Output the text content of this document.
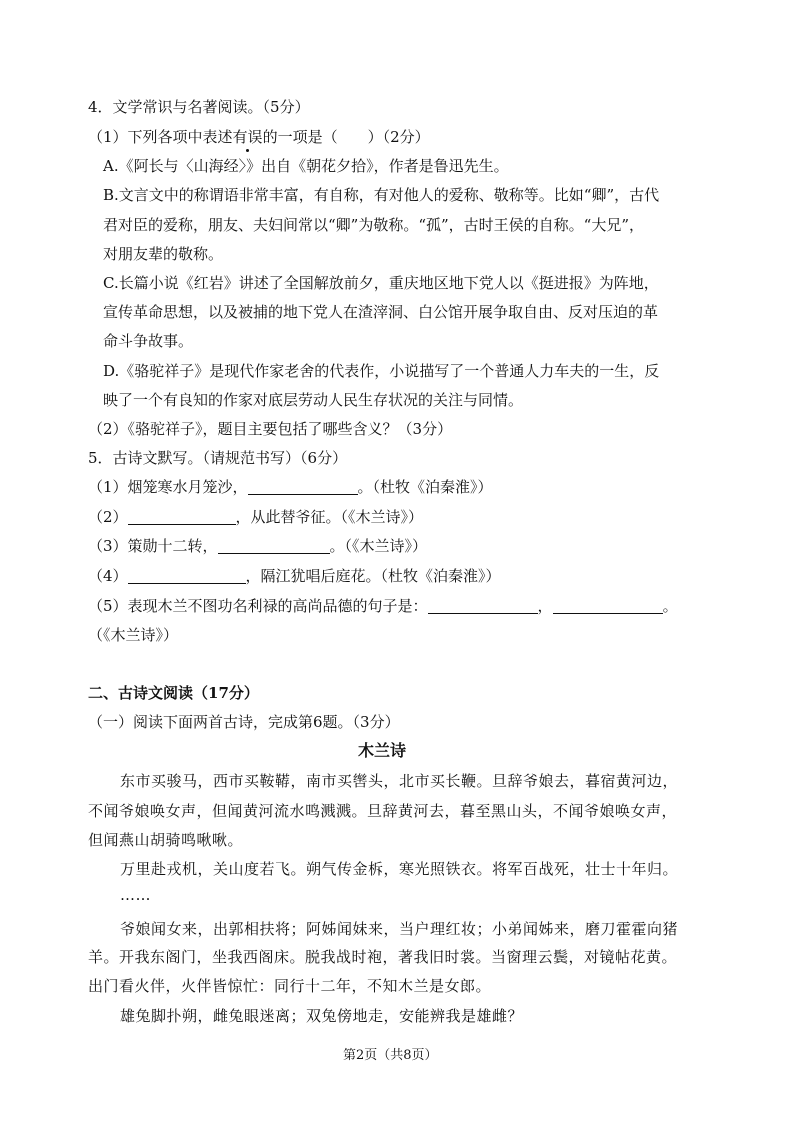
4．文学常识与名著阅读。（5分）
（1）下列各项中表述有误的一项是（　　）（2分）
A.《阿长与〈山海经〉》出自《朝花夕拾》，作者是鲁迅先生。
B.文言文中的称谓语非常丰富，有自称，有对他人的爱称、敬称等。比如“卿”，古代
君对臣的爱称，朋友、夫妇间常以“卿”为敬称。“孤”，古时王侯的自称。“大兄”，
对朋友辈的敬称。
C.长篇小说《红岩》讲述了全国解放前夕，重庆地区地下党人以《挺进报》为阵地，
宣传革命思想，以及被捕的地下党人在渣滓洞、白公馆开展争取自由、反对压迫的革
命斗争故事。
D.《骆驼祥子》是现代作家老舍的代表作，小说描写了一个普通人力车夫的一生，反
映了一个有良知的作家对底层劳动人民生存状况的关注与同情。
（2）《骆驼祥子》，题目主要包括了哪些含义？（3分）
5．古诗文默写。（请规范书写）（6分）
（1）烟笼寒水月笼沙，	。（杜牧《泊秦淮》）
（2）	，从此替爷征。（《木兰诗》）
（3）策勋十二转，	。（《木兰诗》）
（4）	，隔江犹唱后庭花。（杜牧《泊秦淮》）
（5）表现木兰不图功名利禄的高尚品德的句子是：	，	。
（《木兰诗》）
二、古诗文阅读（17分）
（一）阅读下面两首古诗，完成第6题。（3分）
木兰诗
东市买骏马，西市买鞍鞯，南市买辔头，北市买长鞭。旦辞爷娘去，暮宿黄河边，
不闻爷娘唤女声，但闻黄河流水鸣溅溅。旦辞黄河去，暮至黑山头，不闻爷娘唤女声，
但闻燕山胡骑鸣啾啾。
万里赴戎机，关山度若飞。朔气传金柝，寒光照铁衣。将军百战死，壮士十年归。
……
爷娘闻女来，出郭相扶将；阿姊闻妹来，当户理红妆；小弟闻姊来，磨刀霍霍向猪
羊。开我东阁门，坐我西阁床。脱我战时袍，著我旧时裳。当窗理云鬓，对镜帖花黄。
出门看火伴，火伴皆惊忙：同行十二年，不知木兰是女郎。
雄兔脚扑朔，雌兔眼迷离；双兔傍地走，安能辨我是雄雌？
第2页（共8页）
